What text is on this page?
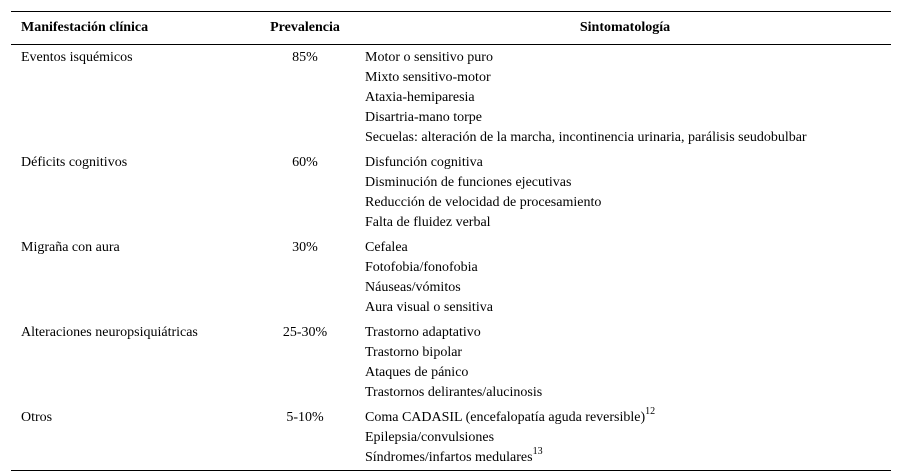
Manifestación clínica	Prevalencia	Sintomatología
Eventos isquémicos	85%	Motor o sensitivo puro
Mixto sensitivo-motor
Ataxia-hemiparesia
Disartria-mano torpe
Secuelas: alteración de la marcha, incontinencia urinaria, parálisis seudobulbar

Déficits cognitivos	60%	Disfunción cognitiva
Disminución de funciones ejecutivas
Reducción de velocidad de procesamiento
Falta de fluidez verbal

Migraña con aura	30%	Cefalea
Fotofobia/fonofobia
Náuseas/vómitos
Aura visual o sensitiva

Alteraciones neuropsiquiátricas	25-30%	Trastorno adaptativo
Trastorno bipolar
Ataques de pánico
Trastornos delirantes/alucinosis

Otros	5-10%	Coma CADASIL (encefalopatía aguda reversible)$^{12}$
Epilepsia/convulsiones
Síndromes/infartos medulares$^{13}$
